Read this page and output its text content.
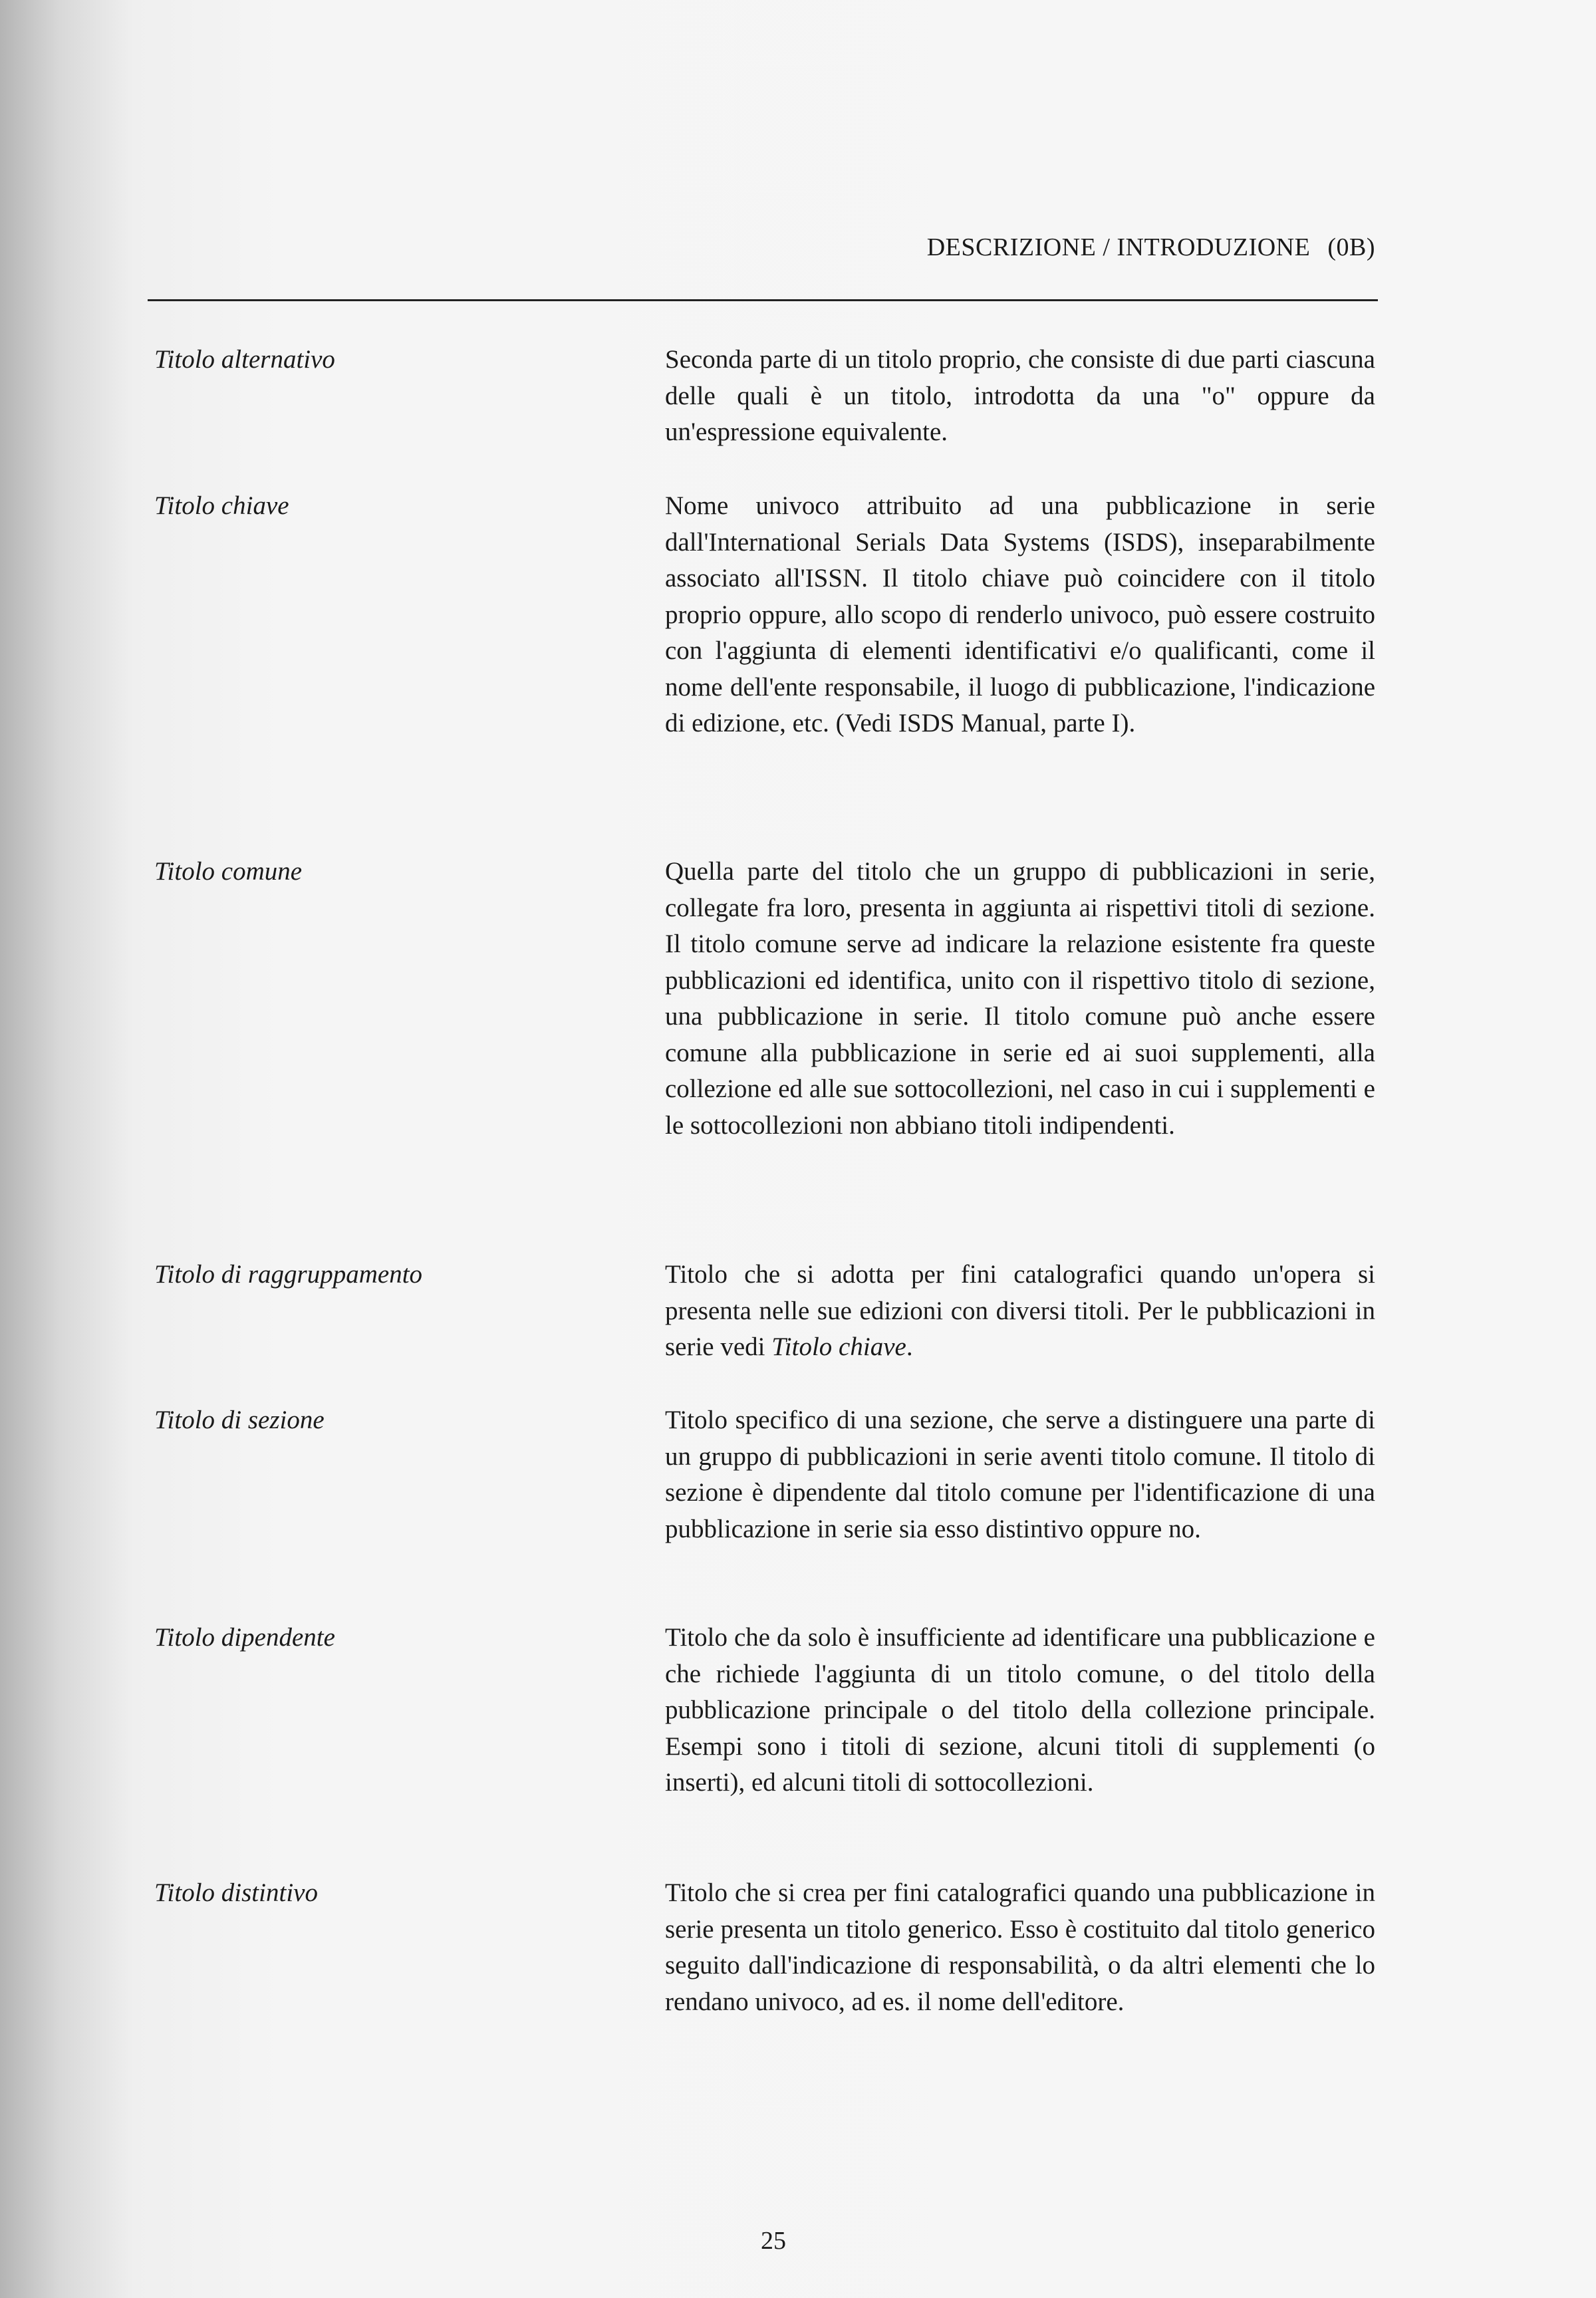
DESCRIZIONE / INTRODUZIONE (0B)
Titolo alternativo	Seconda parte di un titolo proprio, che consiste di due parti ciascuna delle quali è un titolo, introdotta da una "o" oppure da un'espressione equivalente.

Titolo chiave	Nome univoco attribuito ad una pubblicazione in serie dall'International Serials Data Systems (ISDS), inseparabilmente associato all'ISSN. Il titolo chiave può coincidere con il titolo proprio oppure, allo scopo di renderlo univoco, può essere costruito con l'aggiunta di elementi identificativi e/o qualificanti, come il nome dell'ente responsabile, il luogo di pubblicazione, l'indicazione di edizione, etc. (Vedi ISDS Manual, parte I).

Titolo comune	Quella parte del titolo che un gruppo di pubblicazioni in serie, collegate fra loro, presenta in aggiunta ai rispettivi titoli di sezione. Il titolo comune serve ad indicare la relazione esistente fra queste pubblicazioni ed identifica, unito con il rispettivo titolo di sezione, una pubblicazione in serie. Il titolo comune può anche essere comune alla pubblicazione in serie ed ai suoi supplementi, alla collezione ed alle sue sottocollezioni, nel caso in cui i supplementi e le sottocollezioni non abbiano titoli indipendenti.

Titolo di raggruppamento	Titolo che si adotta per fini catalografici quando un'opera si presenta nelle sue edizioni con diversi titoli. Per le pubblicazioni in serie vedi Titolo chiave.

Titolo di sezione	Titolo specifico di una sezione, che serve a distinguere una parte di un gruppo di pubblicazioni in serie aventi titolo comune. Il titolo di sezione è dipendente dal titolo comune per l'identificazione di una pubblicazione in serie sia esso distintivo oppure no.

Titolo dipendente	Titolo che da solo è insufficiente ad identificare una pubblicazione e che richiede l'aggiunta di un titolo comune, o del titolo della pubblicazione principale o del titolo della collezione principale. Esempi sono i titoli di sezione, alcuni titoli di supplementi (o inserti), ed alcuni titoli di sottocollezioni.

Titolo distintivo	Titolo che si crea per fini catalografici quando una pubblicazione in serie presenta un titolo generico. Esso è costituito dal titolo generico seguito dall'indicazione di responsabilità, o da altri elementi che lo rendano univoco, ad es. il nome dell'editore.

25
